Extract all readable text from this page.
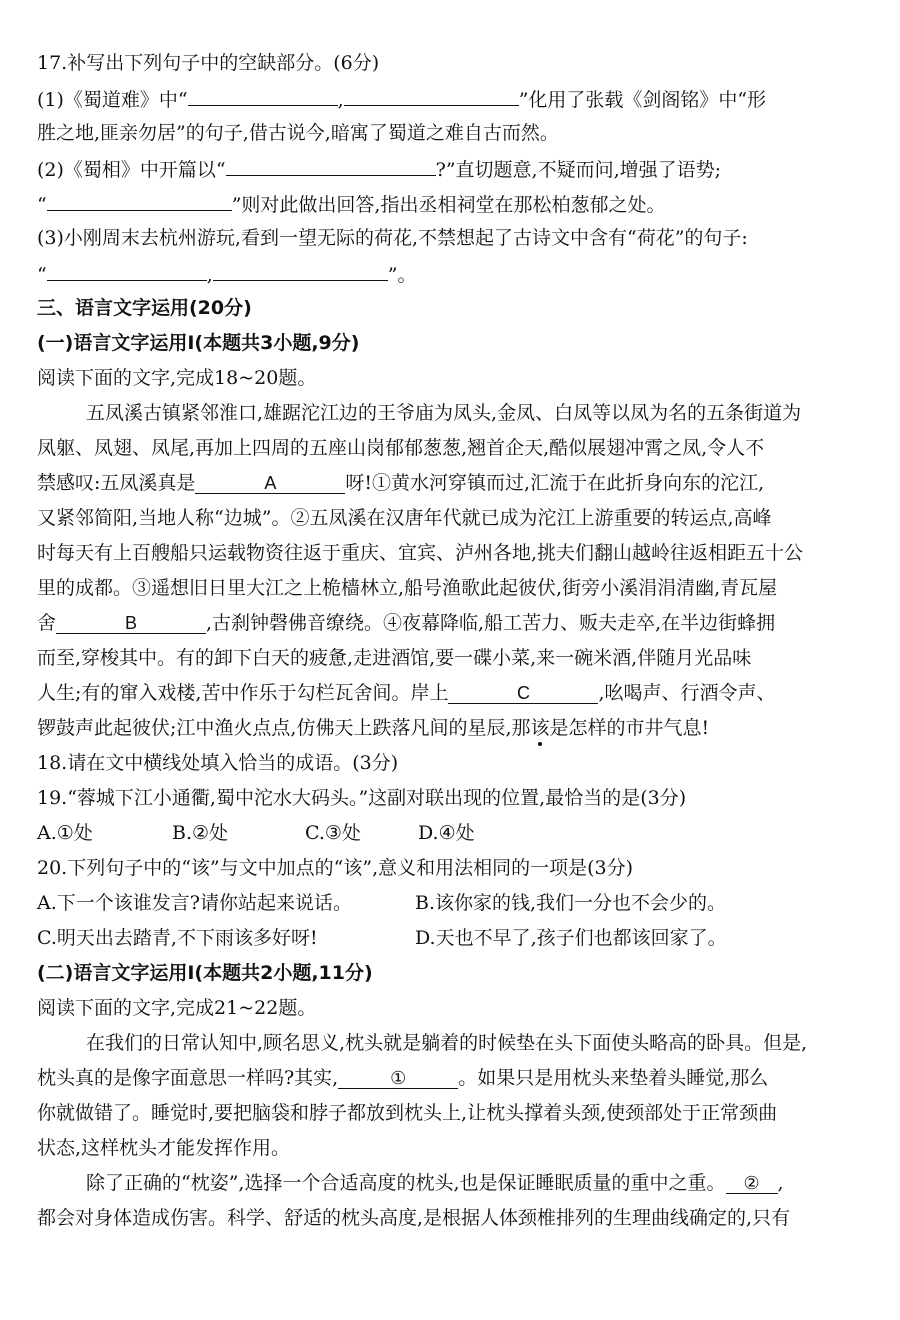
17.补写出下列句子中的空缺部分。(6分)
(1)《蜀道难》中“	,	”化用了张载《剑阁铭》中“形
胜之地,匪亲勿居”的句子,借古说今,暗寓了蜀道之难自古而然。
(2)《蜀相》中开篇以“	?”直切题意,不疑而问,增强了语势;
“	”则对此做出回答,指出丞相祠堂在那松柏葱郁之处。
(3)小刚周末去杭州游玩,看到一望无际的荷花,不禁想起了古诗文中含有“荷花”的句子:
“	,	”。
三、语言文字运用(20分)
(一)语言文字运用Ⅰ(本题共3小题,9分)
阅读下面的文字,完成18~20题。
五凤溪古镇紧邻淮口,雄踞沱江边的王爷庙为凤头,金凤、白凤等以凤为名的五条街道为
凤躯、凤翅、凤尾,再加上四周的五座山岗郁郁葱葱,翘首企天,酷似展翅冲霄之凤,令人不
禁感叹:五凤溪真是	A	呀!①黄水河穿镇而过,汇流于在此折身向东的沱江,
又紧邻简阳,当地人称“边城”。②五凤溪在汉唐年代就已成为沱江上游重要的转运点,高峰
时每天有上百艘船只运载物资往返于重庆、宜宾、泸州各地,挑夫们翻山越岭往返相距五十公
里的成都。③遥想旧日里大江之上桅樯林立,船号渔歌此起彼伏,街旁小溪涓涓清幽,青瓦屋
舍	B	,古刹钟磬佛音缭绕。④夜幕降临,船工苦力、贩夫走卒,在半边街蜂拥
而至,穿梭其中。有的卸下白天的疲惫,走进酒馆,要一碟小菜,来一碗米酒,伴随月光品味
人生;有的窜入戏楼,苦中作乐于勾栏瓦舍间。岸上	C	,吆喝声、行酒令声、
锣鼓声此起彼伏;江中渔火点点,仿佛天上跌落凡间的星辰,那该是怎样的市井气息!
18.请在文中横线处填入恰当的成语。(3分)
19.“蓉城下江小通衢,蜀中沱水大码头。”这副对联出现的位置,最恰当的是(3分)
A.①处	B.②处	C.③处	D.④处
20.下列句子中的“该”与文中加点的“该”,意义和用法相同的一项是(3分)
A.下一个该谁发言?请你站起来说话。	B.该你家的钱,我们一分也不会少的。
C.明天出去踏青,不下雨该多好呀!	D.天也不早了,孩子们也都该回家了。
(二)语言文字运用Ⅰ(本题共2小题,11分)
阅读下面的文字,完成21~22题。
在我们的日常认知中,顾名思义,枕头就是躺着的时候垫在头下面使头略高的卧具。但是,
枕头真的是像字面意思一样吗?其实,	①	。如果只是用枕头来垫着头睡觉,那么
你就做错了。睡觉时,要把脑袋和脖子都放到枕头上,让枕头撑着头颈,使颈部处于正常颈曲
状态,这样枕头才能发挥作用。
除了正确的“枕姿”,选择一个合适高度的枕头,也是保证睡眠质量的重中之重。 ② ,
都会对身体造成伤害。科学、舒适的枕头高度,是根据人体颈椎排列的生理曲线确定的,只有
